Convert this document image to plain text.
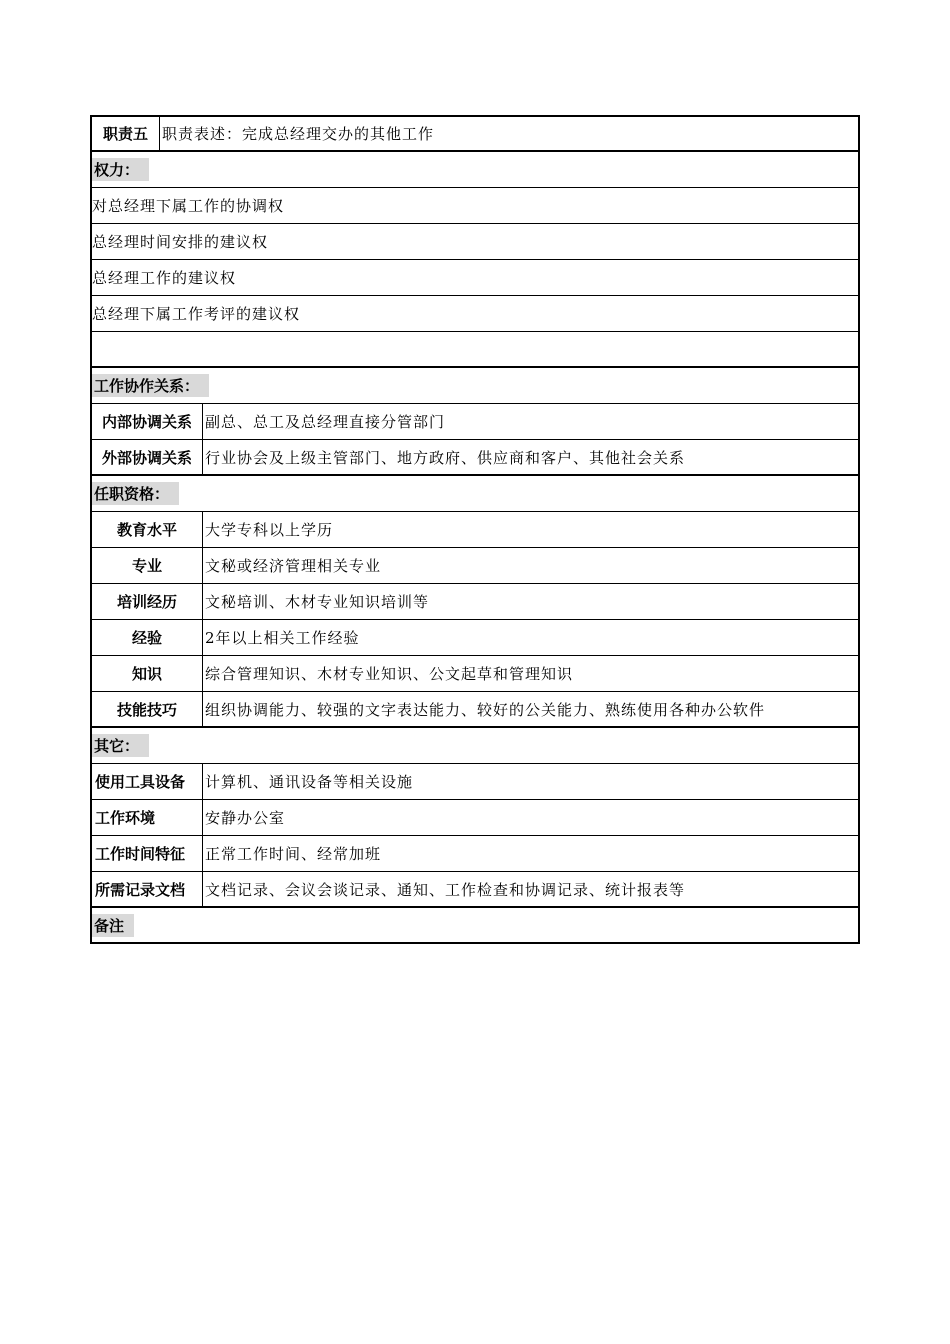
职责五 职责表述：完成总经理交办的其他工作
权力：
对总经理下属工作的协调权
总经理时间安排的建议权
总经理工作的建议权
总经理下属工作考评的建议权
工作协作关系：
内部协调关系 副总、总工及总经理直接分管部门
外部协调关系 行业协会及上级主管部门、地方政府、供应商和客户、其他社会关系
任职资格：
教育水平	大学专科以上学历
专业	文秘或经济管理相关专业
培训经历	文秘培训、木材专业知识培训等
经验	2年以上相关工作经验
知识	综合管理知识、木材专业知识、公文起草和管理知识
技能技巧	组织协调能力、较强的文字表达能力、较好的公关能力、熟练使用各种办公软件
其它：
使用工具设备	计算机、通讯设备等相关设施
工作环境	安静办公室
工作时间特征	正常工作时间、经常加班
所需记录文档	文档记录、会议会谈记录、通知、工作检查和协调记录、统计报表等
备注
